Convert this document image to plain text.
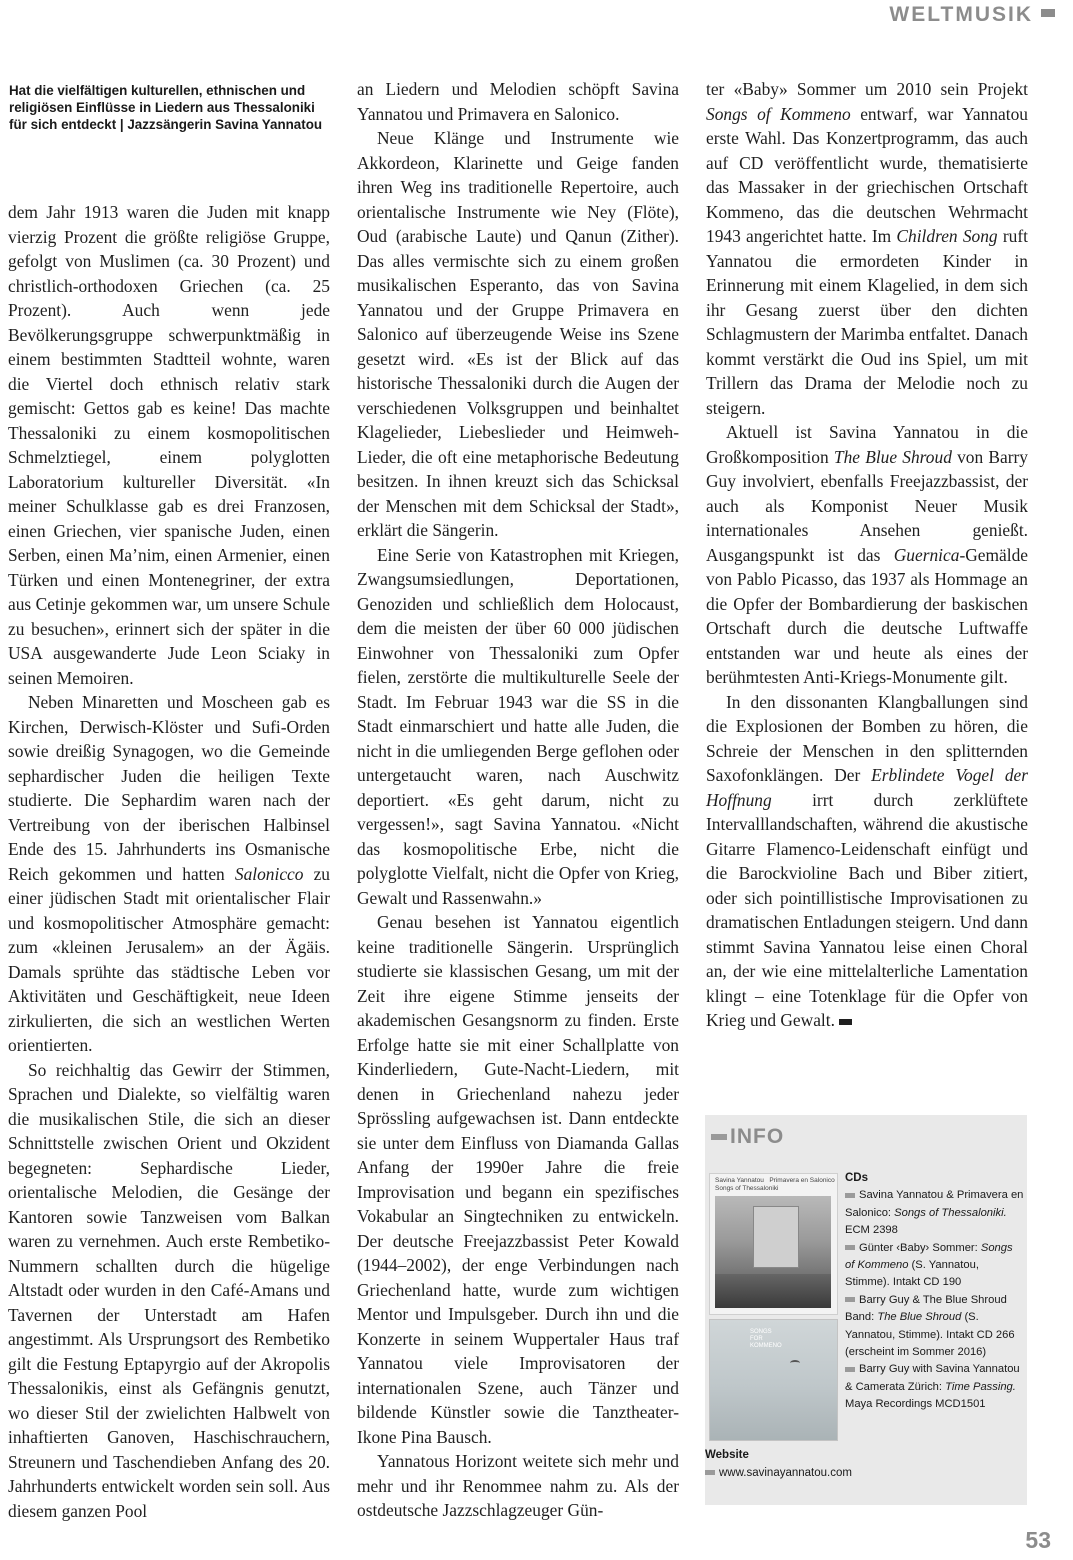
WELTMUSIK
Hat die vielfältigen kulturellen, ethnischen und religiösen Einflüsse in Liedern aus Thessaloniki für sich entdeckt | Jazzsängerin Savina Yannatou

dem Jahr 1913 waren die Juden mit knapp vierzig Prozent die größte religiöse Gruppe, gefolgt von Muslimen (ca. 30 Prozent) und christlich-orthodoxen Griechen (ca. 25 Prozent). Auch wenn jede Bevölkerungsgruppe schwerpunktmäßig in einem bestimmten Stadtteil wohnte, waren die Viertel doch ethnisch relativ stark gemischt: Gettos gab es keine! Das machte Thessaloniki zu einem kosmopolitischen Schmelztiegel, einem polyglotten Laboratorium kultureller Diversität. «In meiner Schulklasse gab es drei Franzosen, einen Griechen, vier spanische Juden, einen Serben, einen Ma’nim, einen Armenier, einen Türken und einen Montenegriner, der extra aus Cetinje gekommen war, um unsere Schule zu besuchen», erinnert sich der später in die USA ausgewanderte Jude Leon Sciaky in seinen Memoiren.

Neben Minaretten und Moscheen gab es Kirchen, Derwisch-Klöster und Sufi-Orden sowie dreißig Synagogen, wo die Gemeinde sephardischer Juden die heiligen Texte studierte. Die Sephardim waren nach der Vertreibung von der iberischen Halbinsel Ende des 15. Jahrhunderts ins Osmanische Reich gekommen und hatten Salonicco zu einer jüdischen Stadt mit orientalischer Flair und kosmopolitischer Atmosphäre gemacht: zum «kleinen Jerusalem» an der Ägäis. Damals sprühte das städtische Leben vor Aktivitäten und Geschäftigkeit, neue Ideen zirkulierten, die sich an westlichen Werten orientierten.

So reichhaltig das Gewirr der Stimmen, Sprachen und Dialekte, so vielfältig waren die musikalischen Stile, die sich an dieser Schnittstelle zwischen Orient und Okzident begegneten: Sephardische Lieder, orientalische Melodien, die Gesänge der Kantoren sowie Tanzweisen vom Balkan waren zu vernehmen. Auch erste Rembetiko-Nummern schallten durch die hügelige Altstadt oder wurden in den Café-Amans und Tavernen der Unterstadt am Hafen angestimmt. Als Ursprungsort des Rembetiko gilt die Festung Eptapyrgio auf der Akropolis Thessalonikis, einst als Gefängnis genutzt, wo dieser Stil der zwielichten Halbwelt von inhaftierten Ganoven, Haschischrauchern, Streunern und Taschendieben Anfang des 20. Jahrhunderts entwickelt worden sein soll. Aus diesem ganzen Pool

an Liedern und Melodien schöpft Savina Yannatou und Primavera en Salonico.

Neue Klänge und Instrumente wie Akkordeon, Klarinette und Geige fanden ihren Weg ins traditionelle Repertoire, auch orientalische Instrumente wie Ney (Flöte), Oud (arabische Laute) und Qanun (Zither). Das alles vermischte sich zu einem großen musikalischen Esperanto, das von Savina Yannatou und der Gruppe Primavera en Salonico auf überzeugende Weise ins Szene gesetzt wird. «Es ist der Blick auf das historische Thessaloniki durch die Augen der verschiedenen Volksgruppen und beinhaltet Klagelieder, Liebeslieder und Heimweh-Lieder, die oft eine metaphorische Bedeutung besitzen. In ihnen kreuzt sich das Schicksal der Menschen mit dem Schicksal der Stadt», erklärt die Sängerin.

Eine Serie von Katastrophen mit Kriegen, Zwangsumsiedlungen, Deportationen, Genoziden und schließlich dem Holocaust, dem die meisten der über 60 000 jüdischen Einwohner von Thessaloniki zum Opfer fielen, zerstörte die multikulturelle Seele der Stadt. Im Februar 1943 war die SS in die Stadt einmarschiert und hatte alle Juden, die nicht in die umliegenden Berge geflohen oder untergetaucht waren, nach Auschwitz deportiert. «Es geht darum, nicht zu vergessen!», sagt Savina Yannatou. «Nicht das kosmopolitische Erbe, nicht die polyglotte Vielfalt, nicht die Opfer von Krieg, Gewalt und Rassenwahn.»

Genau besehen ist Yannatou eigentlich keine traditionelle Sängerin. Ursprünglich studierte sie klassischen Gesang, um mit der Zeit ihre eigene Stimme jenseits der akademischen Gesangsnorm zu finden. Erste Erfolge hatte sie mit einer Schallplatte von Kinderliedern, Gute-Nacht-Liedern, mit denen in Griechenland nahezu jeder Sprössling aufgewachsen ist. Dann entdeckte sie unter dem Einfluss von Diamanda Gallas Anfang der 1990er Jahre die freie Improvisation und begann ein spezifisches Vokabular an Singtechniken zu entwickeln. Der deutsche Freejazzbassist Peter Kowald (1944–2002), der enge Verbindungen nach Griechenland hatte, wurde zum wichtigen Mentor und Impulsgeber. Durch ihn und die Konzerte in seinem Wuppertaler Haus traf Yannatou viele Improvisatoren der internationalen Szene, auch Tänzer und bildende Künstler sowie die Tanztheater-Ikone Pina Bausch.

Yannatous Horizont weitete sich mehr und mehr und ihr Renommee nahm zu. Als der ostdeutsche Jazzschlagzeuger Gün-

ter «Baby» Sommer um 2010 sein Projekt Songs of Kommeno entwarf, war Yannatou erste Wahl. Das Konzertprogramm, das auch auf CD veröffentlicht wurde, thematisierte das Massaker in der griechischen Ortschaft Kommeno, das die deutschen Wehrmacht 1943 angerichtet hatte. Im Children Song ruft Yannatou die ermordeten Kinder in Erinnerung mit einem Klagelied, in dem sich ihr Gesang zuerst über den dichten Schlagmustern der Marimba entfaltet. Danach kommt verstärkt die Oud ins Spiel, um mit Trillern das Drama der Melodie noch zu steigern.

Aktuell ist Savina Yannatou in die Großkomposition The Blue Shroud von Barry Guy involviert, ebenfalls Freejazzbassist, der auch als Komponist Neuer Musik internationales Ansehen genießt. Ausgangspunkt ist das Guernica-Gemälde von Pablo Picasso, das 1937 als Hommage an die Opfer der Bombardierung der baskischen Ortschaft durch die deutsche Luftwaffe entstanden war und heute als eines der berühmtesten Anti-Kriegs-Monumente gilt.

In den dissonanten Klangballungen sind die Explosionen der Bomben zu hören, die Schreie der Menschen in den splitternden Saxofonklängen. Der Erblindete Vogel der Hoffnung irrt durch zerklüftete Intervalllandschaften, während die akustische Gitarre Flamenco-Leidenschaft einfügt und die Barockvioline Bach und Biber zitiert, oder sich pointillistische Improvisationen zu dramatischen Entladungen steigern. Und dann stimmt Savina Yannatou leise einen Choral an, der wie eine mittelalterliche Lamentation klingt – eine Totenklage für die Opfer von Krieg und Gewalt.

INFO
Savina Yannatou Primavera en Salonico
Songs of Thessaloniki
SONGS
FOR
KOMMENO
CDs
Savina Yannatou & Primavera en Salonico: Songs of Thessaloniki. ECM 2398
Günter ‹Baby› Sommer: Songs of Kommeno (S. Yannatou, Stimme). Intakt CD 190
Barry Guy & The Blue Shroud Band: The Blue Shroud (S. Yannatou, Stimme). Intakt CD 266 (erscheint im Sommer 2016)
Barry Guy with Savina Yannatou & Camerata Zürich: Time Passing. Maya Recordings MCD1501
Website
www.savinayannatou.com
53
